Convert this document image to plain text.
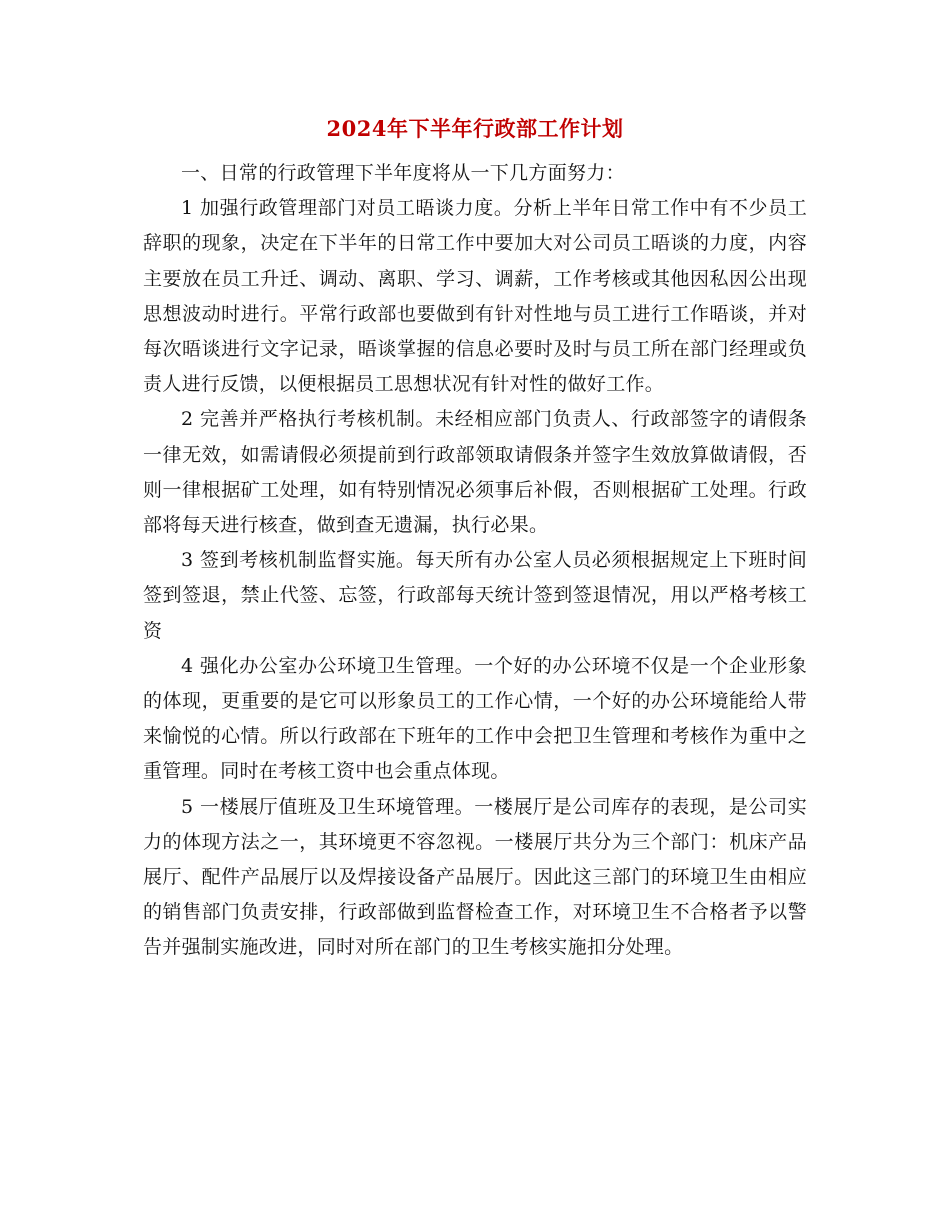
2024年下半年行政部工作计划

一、日常的行政管理下半年度将从一下几方面努力：

1 加强行政管理部门对员工晤谈力度。分析上半年日常工作中有不少员工辞职的现象，决定在下半年的日常工作中要加大对公司员工晤谈的力度，内容主要放在员工升迁、调动、离职、学习、调薪，工作考核或其他因私因公出现思想波动时进行。平常行政部也要做到有针对性地与员工进行工作晤谈，并对每次晤谈进行文字记录，晤谈掌握的信息必要时及时与员工所在部门经理或负责人进行反馈，以便根据员工思想状况有针对性的做好工作。

2 完善并严格执行考核机制。未经相应部门负责人、行政部签字的请假条一律无效，如需请假必须提前到行政部领取请假条并签字生效放算做请假，否则一律根据矿工处理，如有特别情况必须事后补假，否则根据矿工处理。行政部将每天进行核查，做到查无遗漏，执行必果。

3 签到考核机制监督实施。每天所有办公室人员必须根据规定上下班时间签到签退，禁止代签、忘签，行政部每天统计签到签退情况，用以严格考核工资

4 强化办公室办公环境卫生管理。一个好的办公环境不仅是一个企业形象的体现，更重要的是它可以形象员工的工作心情，一个好的办公环境能给人带来愉悦的心情。所以行政部在下班年的工作中会把卫生管理和考核作为重中之重管理。同时在考核工资中也会重点体现。

5 一楼展厅值班及卫生环境管理。一楼展厅是公司库存的表现，是公司实力的体现方法之一，其环境更不容忽视。一楼展厅共分为三个部门：机床产品展厅、配件产品展厅以及焊接设备产品展厅。因此这三部门的环境卫生由相应的销售部门负责安排，行政部做到监督检查工作，对环境卫生不合格者予以警告并强制实施改进，同时对所在部门的卫生考核实施扣分处理。
